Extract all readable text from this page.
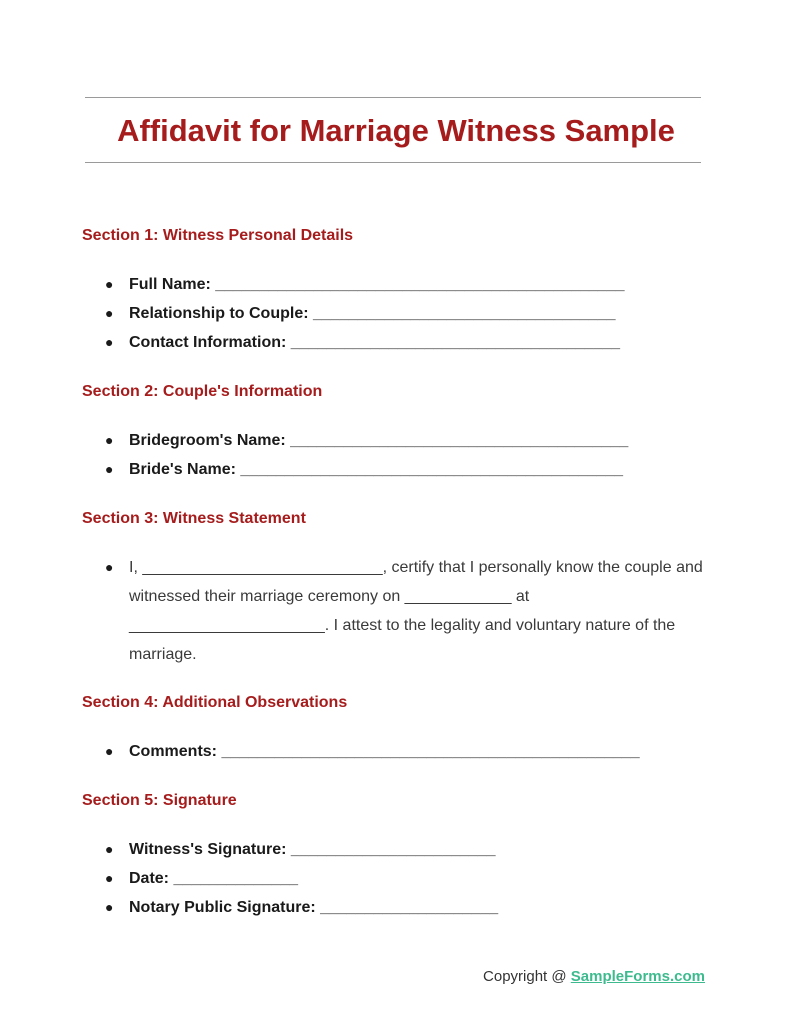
Affidavit for Marriage Witness Sample
Section 1: Witness Personal Details
● Full Name: ______________________________________________
● Relationship to Couple: __________________________________
● Contact Information: _____________________________________
Section 2: Couple's Information
● Bridegroom's Name: ______________________________________
● Bride's Name: ___________________________________________
Section 3: Witness Statement
● I, ___________________________, certify that I personally know the couple and witnessed their marriage ceremony on ____________ at ______________________. I attest to the legality and voluntary nature of the marriage.

Section 4: Additional Observations
● Comments: _______________________________________________
Section 5: Signature
● Witness's Signature: _______________________
● Date: ______________
● Notary Public Signature: ____________________
Copyright @ SampleForms.com
